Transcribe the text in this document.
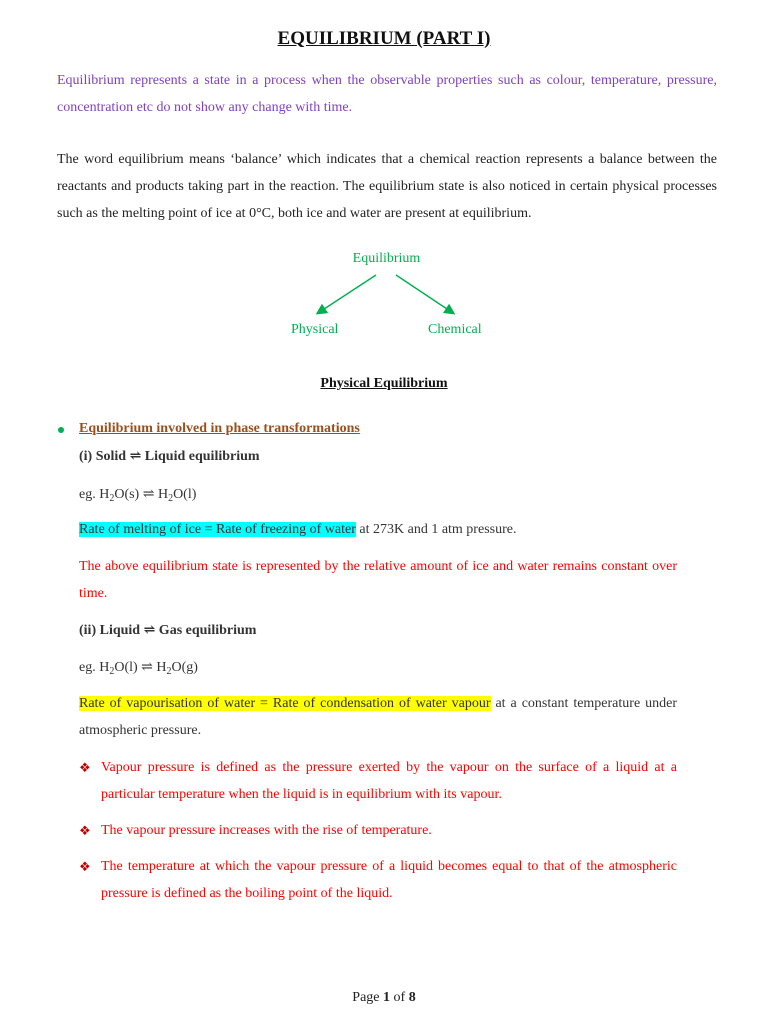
EQUILIBRIUM (PART I)
Equilibrium represents a state in a process when the observable properties such as colour, temperature, pressure, concentration etc do not show any change with time.
The word equilibrium means ‘balance’ which indicates that a chemical reaction represents a balance between the reactants and products taking part in the reaction. The equilibrium state is also noticed in certain physical processes such as the melting point of ice at 0°C, both ice and water are present at equilibrium.
Equilibrium
Physical	Chemical
Physical Equilibrium
Equilibrium involved in phase transformations
(i) Solid ⇌ Liquid equilibrium
eg. $H_2O(s)$ ⇌ $H_2O(l)$
Rate of melting of ice = Rate of freezing of water at 273K and 1 atm pressure.
The above equilibrium state is represented by the relative amount of ice and water remains constant over time.
(ii) Liquid ⇌ Gas equilibrium
eg. $H_2O(l)$ ⇌ $H_2O(g)$
Rate of vapourisation of water = Rate of condensation of water vapour at a constant temperature under atmospheric pressure.
❖ Vapour pressure is defined as the pressure exerted by the vapour on the surface of a liquid at a particular temperature when the liquid is in equilibrium with its vapour.
❖ The vapour pressure increases with the rise of temperature.
❖ The temperature at which the vapour pressure of a liquid becomes equal to that of the atmospheric pressure is defined as the boiling point of the liquid.
Page 1 of 8
